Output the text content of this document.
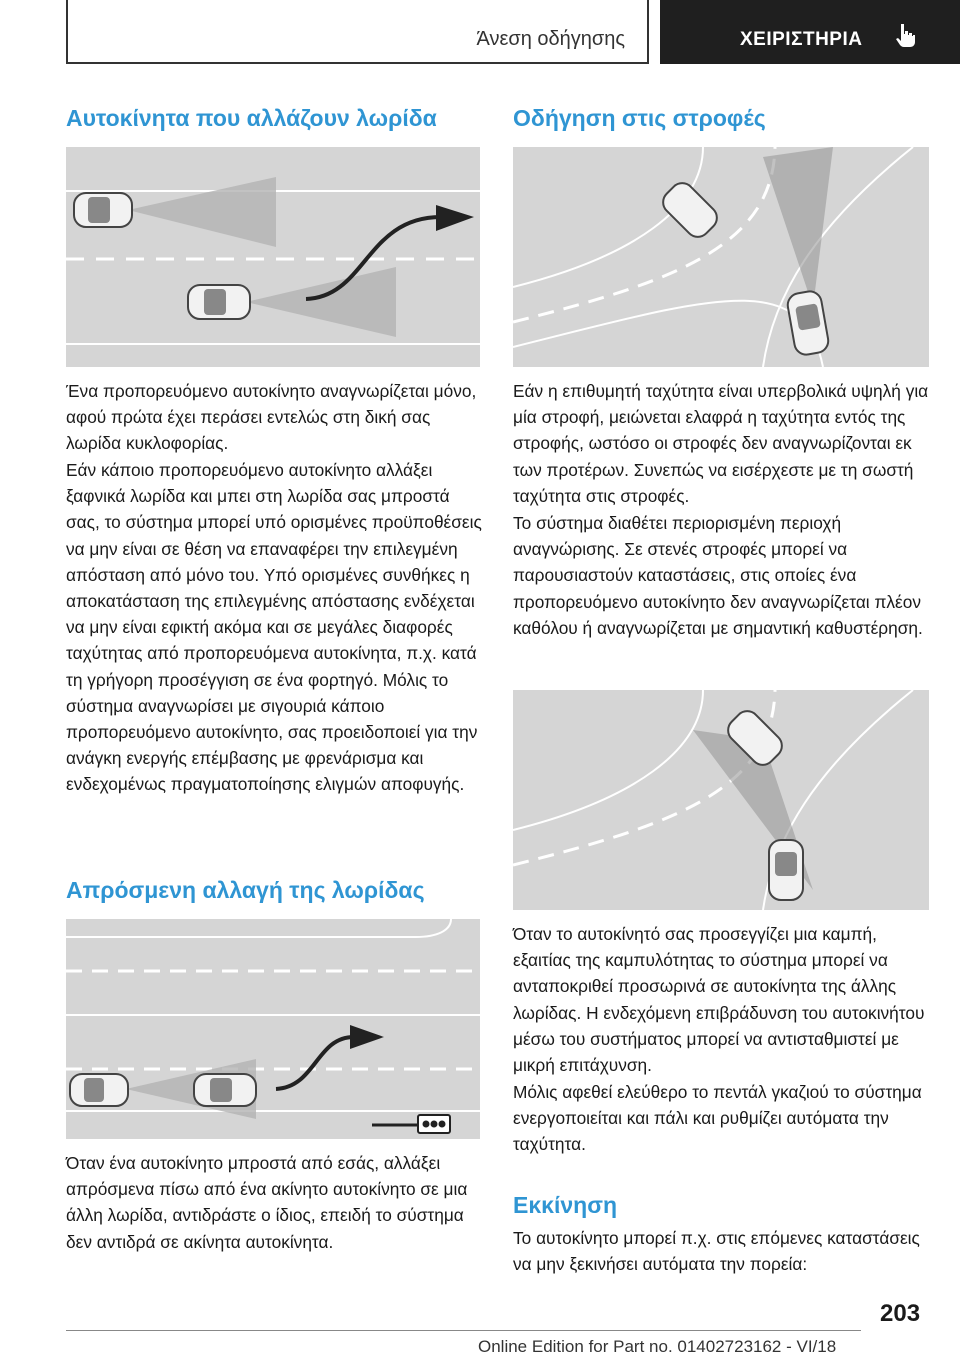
Άνεση οδήγησης	ΧΕΙΡΙΣΤΗΡΙΑ
Αυτοκίνητα που αλλάζουν λωρίδα

Ένα προπορευόμενο αυτοκίνητο αναγνωρίζεται μόνο, αφού πρώτα έχει περάσει εντελώς στη δική σας λωρίδα κυκλοφορίας.

Εάν κάποιο προπορευόμενο αυτοκίνητο αλλάξει ξαφνικά λωρίδα και μπει στη λωρίδα σας μπροστά σας, το σύστημα μπορεί υπό ορισμένες προϋποθέσεις να μην είναι σε θέση να επαναφέρει την επιλεγμένη απόσταση από μόνο του. Υπό ορισμένες συνθήκες η αποκατάσταση της επιλεγμένης απόστασης ενδέχεται να μην είναι εφικτή ακόμα και σε μεγάλες διαφορές ταχύτητας από προπορευόμενα αυτοκίνητα, π.χ. κατά τη γρήγορη προσέγγιση σε ένα φορτηγό. Μόλις το σύστημα αναγνωρίσει με σιγουριά κάποιο προπορευόμενο αυτοκίνητο, σας προειδοποιεί για την ανάγκη ενεργής επέμβασης με φρενάρισμα και ενδεχομένως πραγματοποίησης ελιγμών αποφυγής.

Απρόσμενη αλλαγή της λωρίδας

Όταν ένα αυτοκίνητο μπροστά από εσάς, αλλάξει απρόσμενα πίσω από ένα ακίνητο αυτοκίνητο σε μια άλλη λωρίδα, αντιδράστε ο ίδιος, επειδή το σύστημα δεν αντιδρά σε ακίνητα αυτοκίνητα.

Οδήγηση στις στροφές

Εάν η επιθυμητή ταχύτητα είναι υπερβολικά υψηλή για μία στροφή, μειώνεται ελαφρά η ταχύτητα εντός της στροφής, ωστόσο οι στροφές δεν αναγνωρίζονται εκ των προτέρων. Συνεπώς να εισέρχεστε με τη σωστή ταχύτητα στις στροφές.

Το σύστημα διαθέτει περιορισμένη περιοχή αναγνώρισης. Σε στενές στροφές μπορεί να παρουσιαστούν καταστάσεις, στις οποίες ένα προπορευόμενο αυτοκίνητο δεν αναγνωρίζεται πλέον καθόλου ή αναγνωρίζεται με σημαντική καθυστέρηση.

Όταν το αυτοκίνητό σας προσεγγίζει μια καμπή, εξαιτίας της καμπυλότητας το σύστημα μπορεί να ανταποκριθεί προσωρινά σε αυτοκίνητα της άλλης λωρίδας. Η ενδεχόμενη επιβράδυνση του αυτοκινήτου μέσω του συστήματος μπορεί να αντισταθμιστεί με μικρή επιτάχυνση.

Μόλις αφεθεί ελεύθερο το πεντάλ γκαζιού το σύστημα ενεργοποιείται και πάλι και ρυθμίζει αυτόματα την ταχύτητα.

Εκκίνηση

Το αυτοκίνητο μπορεί π.χ. στις επόμενες καταστάσεις να μην ξεκινήσει αυτόματα την πορεία:

203
Online Edition for Part no. 01402723162 - VI/18
